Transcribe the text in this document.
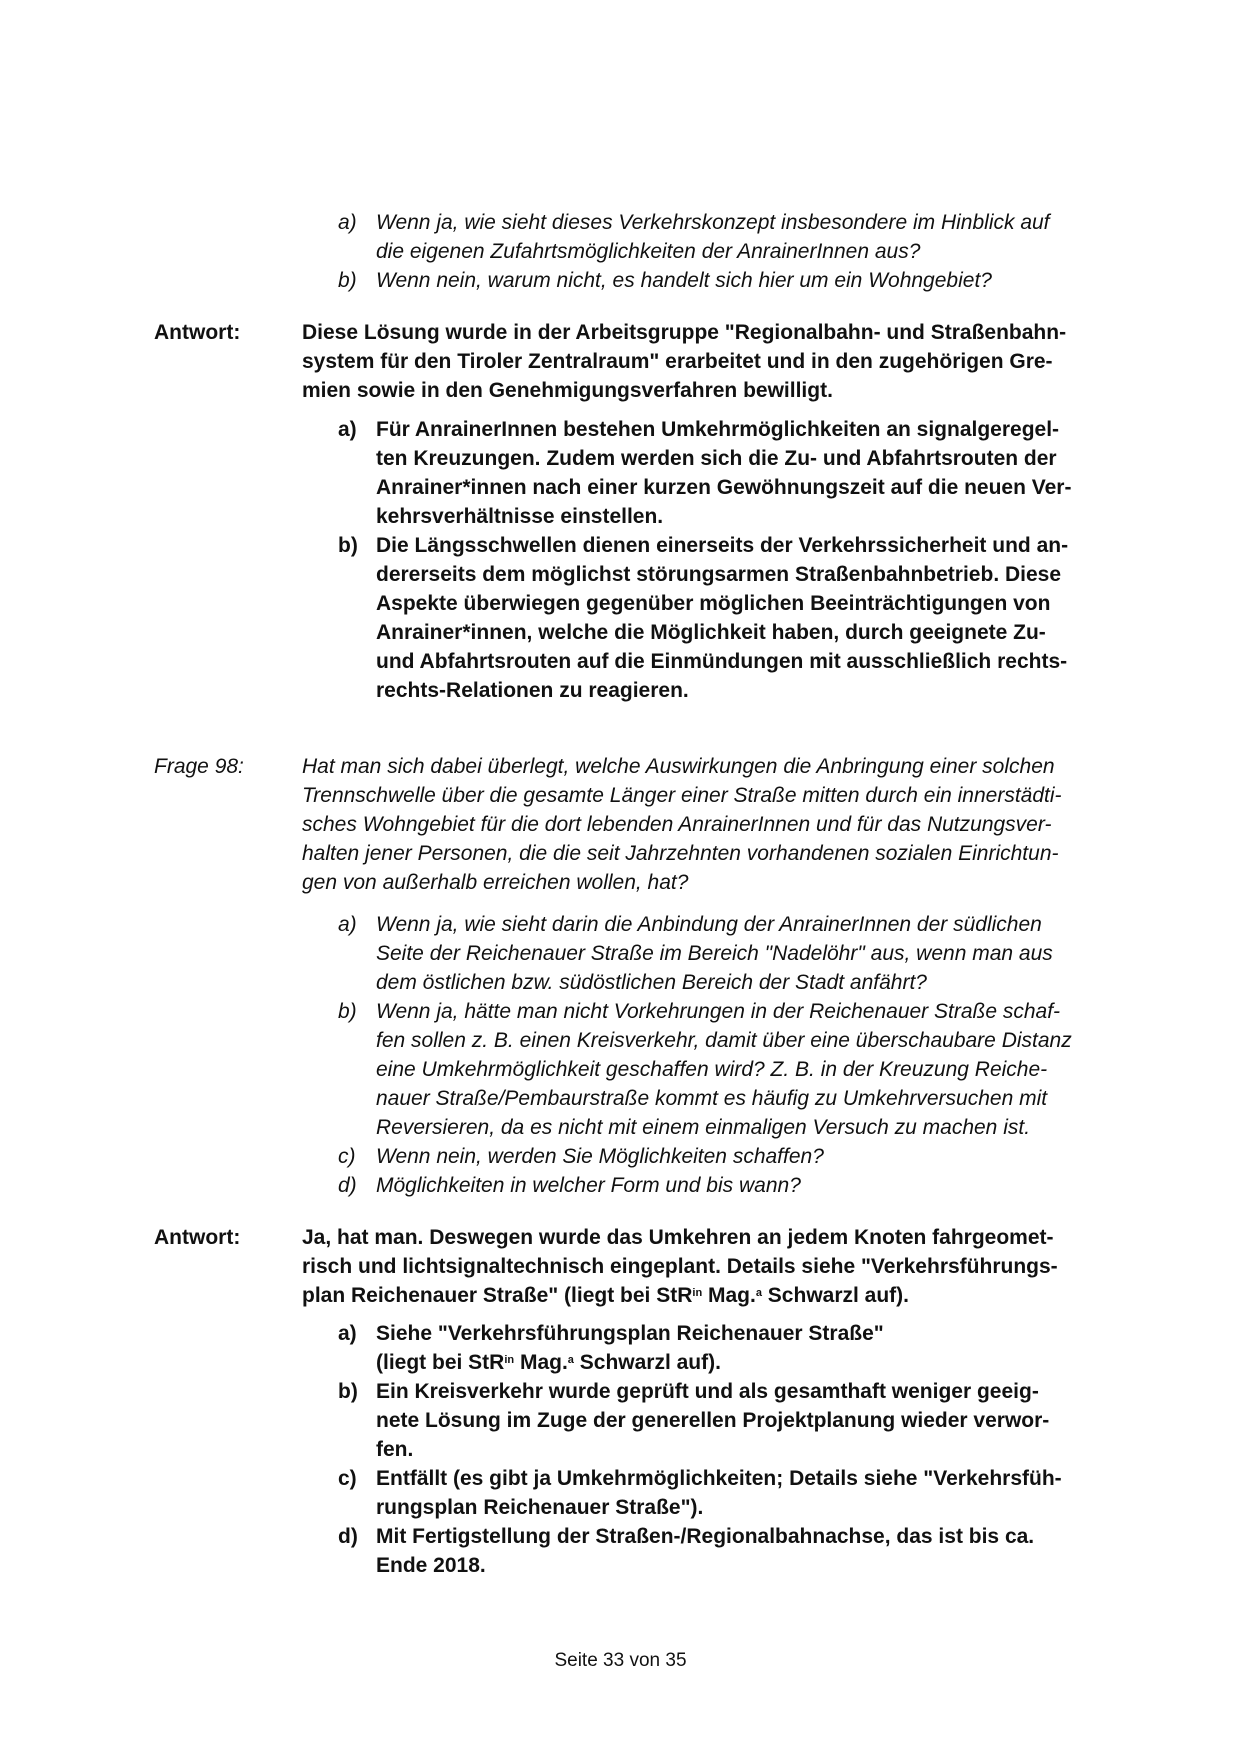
a) Wenn ja, wie sieht dieses Verkehrskonzept insbesondere im Hinblick auf
die eigenen Zufahrtsmöglichkeiten der AnrainerInnen aus?
b) Wenn nein, warum nicht, es handelt sich hier um ein Wohngebiet?
Antwort:	Diese Lösung wurde in der Arbeitsgruppe "Regionalbahn- und Straßenbahn-
system für den Tiroler Zentralraum" erarbeitet und in den zugehörigen Gre-
mien sowie in den Genehmigungsverfahren bewilligt.
a) Für AnrainerInnen bestehen Umkehrmöglichkeiten an signalgeregel-
ten Kreuzungen. Zudem werden sich die Zu- und Abfahrtsrouten der
Anrainer*innen nach einer kurzen Gewöhnungszeit auf die neuen Ver-
kehrsverhältnisse einstellen.
b) Die Längsschwellen dienen einerseits der Verkehrssicherheit und an-
dererseits dem möglichst störungsarmen Straßenbahnbetrieb. Diese
Aspekte überwiegen gegenüber möglichen Beeinträchtigungen von
Anrainer*innen, welche die Möglichkeit haben, durch geeignete Zu-
und Abfahrtsrouten auf die Einmündungen mit ausschließlich rechts-
rechts-Relationen zu reagieren.
Frage 98:	Hat man sich dabei überlegt, welche Auswirkungen die Anbringung einer solchen
Trennschwelle über die gesamte Länger einer Straße mitten durch ein innerstädti-
sches Wohngebiet für die dort lebenden AnrainerInnen und für das Nutzungsver-
halten jener Personen, die die seit Jahrzehnten vorhandenen sozialen Einrichtun-
gen von außerhalb erreichen wollen, hat?
a) Wenn ja, wie sieht darin die Anbindung der AnrainerInnen der südlichen
Seite der Reichenauer Straße im Bereich "Nadelöhr" aus, wenn man aus
dem östlichen bzw. südöstlichen Bereich der Stadt anfährt?
b) Wenn ja, hätte man nicht Vorkehrungen in der Reichenauer Straße schaf-
fen sollen z. B. einen Kreisverkehr, damit über eine überschaubare Distanz
eine Umkehrmöglichkeit geschaffen wird? Z. B. in der Kreuzung Reiche-
nauer Straße/Pembaurstraße kommt es häufig zu Umkehrversuchen mit
Reversieren, da es nicht mit einem einmaligen Versuch zu machen ist.
c) Wenn nein, werden Sie Möglichkeiten schaffen?
d) Möglichkeiten in welcher Form und bis wann?
Antwort:	Ja, hat man. Deswegen wurde das Umkehren an jedem Knoten fahrgeomet-
risch und lichtsignaltechnisch eingeplant. Details siehe "Verkehrsführungs-
plan Reichenauer Straße" (liegt bei StR$^{in}$ Mag.$^a$ Schwarzl auf).
a) Siehe "Verkehrsführungsplan Reichenauer Straße"
(liegt bei StR$^{in}$ Mag.$^a$ Schwarzl auf).
b) Ein Kreisverkehr wurde geprüft und als gesamthaft weniger geeig-
nete Lösung im Zuge der generellen Projektplanung wieder verwor-
fen.
c) Entfällt (es gibt ja Umkehrmöglichkeiten; Details siehe "Verkehrsfüh-
rungsplan Reichenauer Straße").
d) Mit Fertigstellung der Straßen-/Regionalbahnachse, das ist bis ca.
Ende 2018.
Seite 33 von 35
